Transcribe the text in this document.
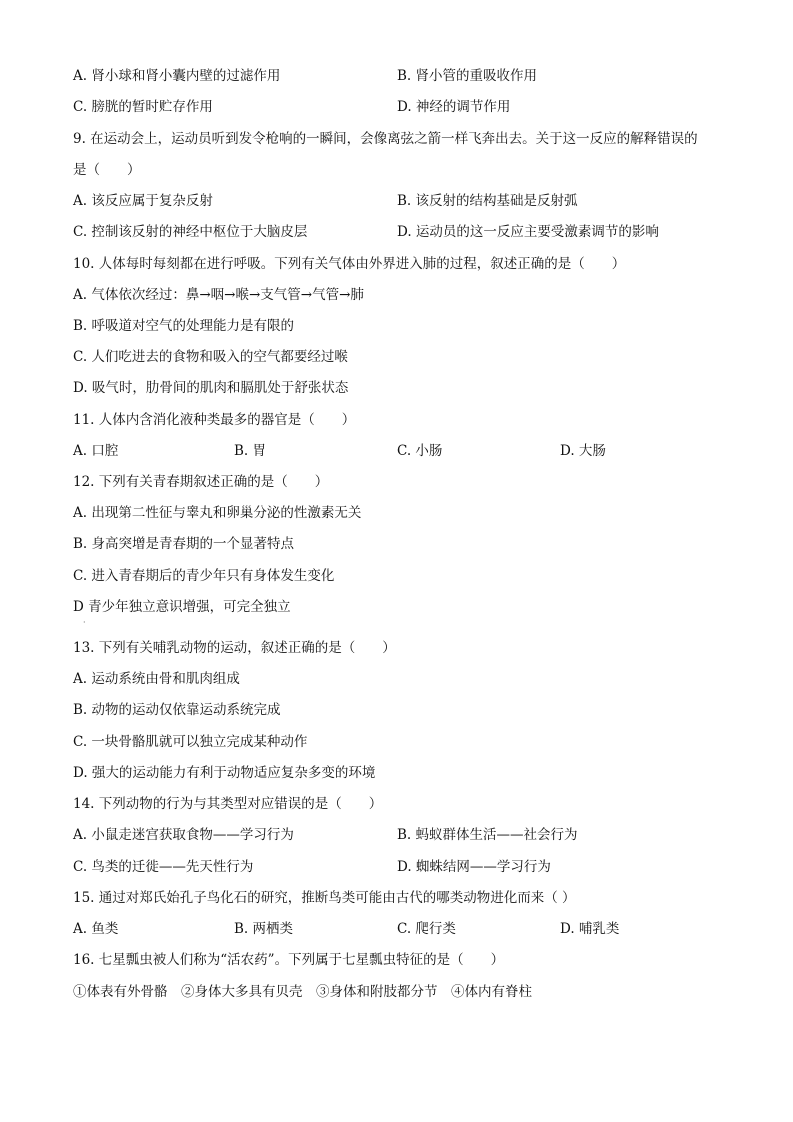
A. 肾小球和肾小囊内壁的过滤作用	B. 肾小管的重吸收作用
C. 膀胱的暂时贮存作用	D. 神经的调节作用
9. 在运动会上，运动员听到发令枪响的一瞬间，会像离弦之箭一样飞奔出去。关于这一反应的解释错误的
是（　　）
A. 该反应属于复杂反射	B. 该反射的结构基础是反射弧
C. 控制该反射的神经中枢位于大脑皮层	D. 运动员的这一反应主要受激素调节的影响
10. 人体每时每刻都在进行呼吸。下列有关气体由外界进入肺的过程，叙述正确的是（　　）
A. 气体依次经过：鼻→咽→喉→支气管→气管→肺
B. 呼吸道对空气的处理能力是有限的
C. 人们吃进去的食物和吸入的空气都要经过喉
D. 吸气时，肋骨间的肌肉和膈肌处于舒张状态
11. 人体内含消化液种类最多的器官是（　　）
A. 口腔	B. 胃	C. 小肠	D. 大肠
12. 下列有关青春期叙述正确的是（　　）
A. 出现第二性征与睾丸和卵巢分泌的性激素无关
B. 身高突增是青春期的一个显著特点
C. 进入青春期后的青少年只有身体发生变化
D 青少年独立意识增强，可完全独立
·
13. 下列有关哺乳动物的运动，叙述正确的是（　　）
A. 运动系统由骨和肌肉组成
B. 动物的运动仅依靠运动系统完成
C. 一块骨骼肌就可以独立完成某种动作
D. 强大的运动能力有利于动物适应复杂多变的环境
14. 下列动物的行为与其类型对应错误的是（　　）
A. 小鼠走迷宫获取食物——学习行为	B. 蚂蚁群体生活——社会行为
C. 鸟类的迁徙——先天性行为	D. 蜘蛛结网——学习行为
15. 通过对郑氏始孔子鸟化石的研究，推断鸟类可能由古代的哪类动物进化而来（ ）
A. 鱼类	B. 两栖类	C. 爬行类	D. 哺乳类
16. 七星瓢虫被人们称为“活农药”。下列属于七星瓢虫特征的是（　　）
①体表有外骨骼　②身体大多具有贝壳　③身体和附肢都分节　④体内有脊柱
